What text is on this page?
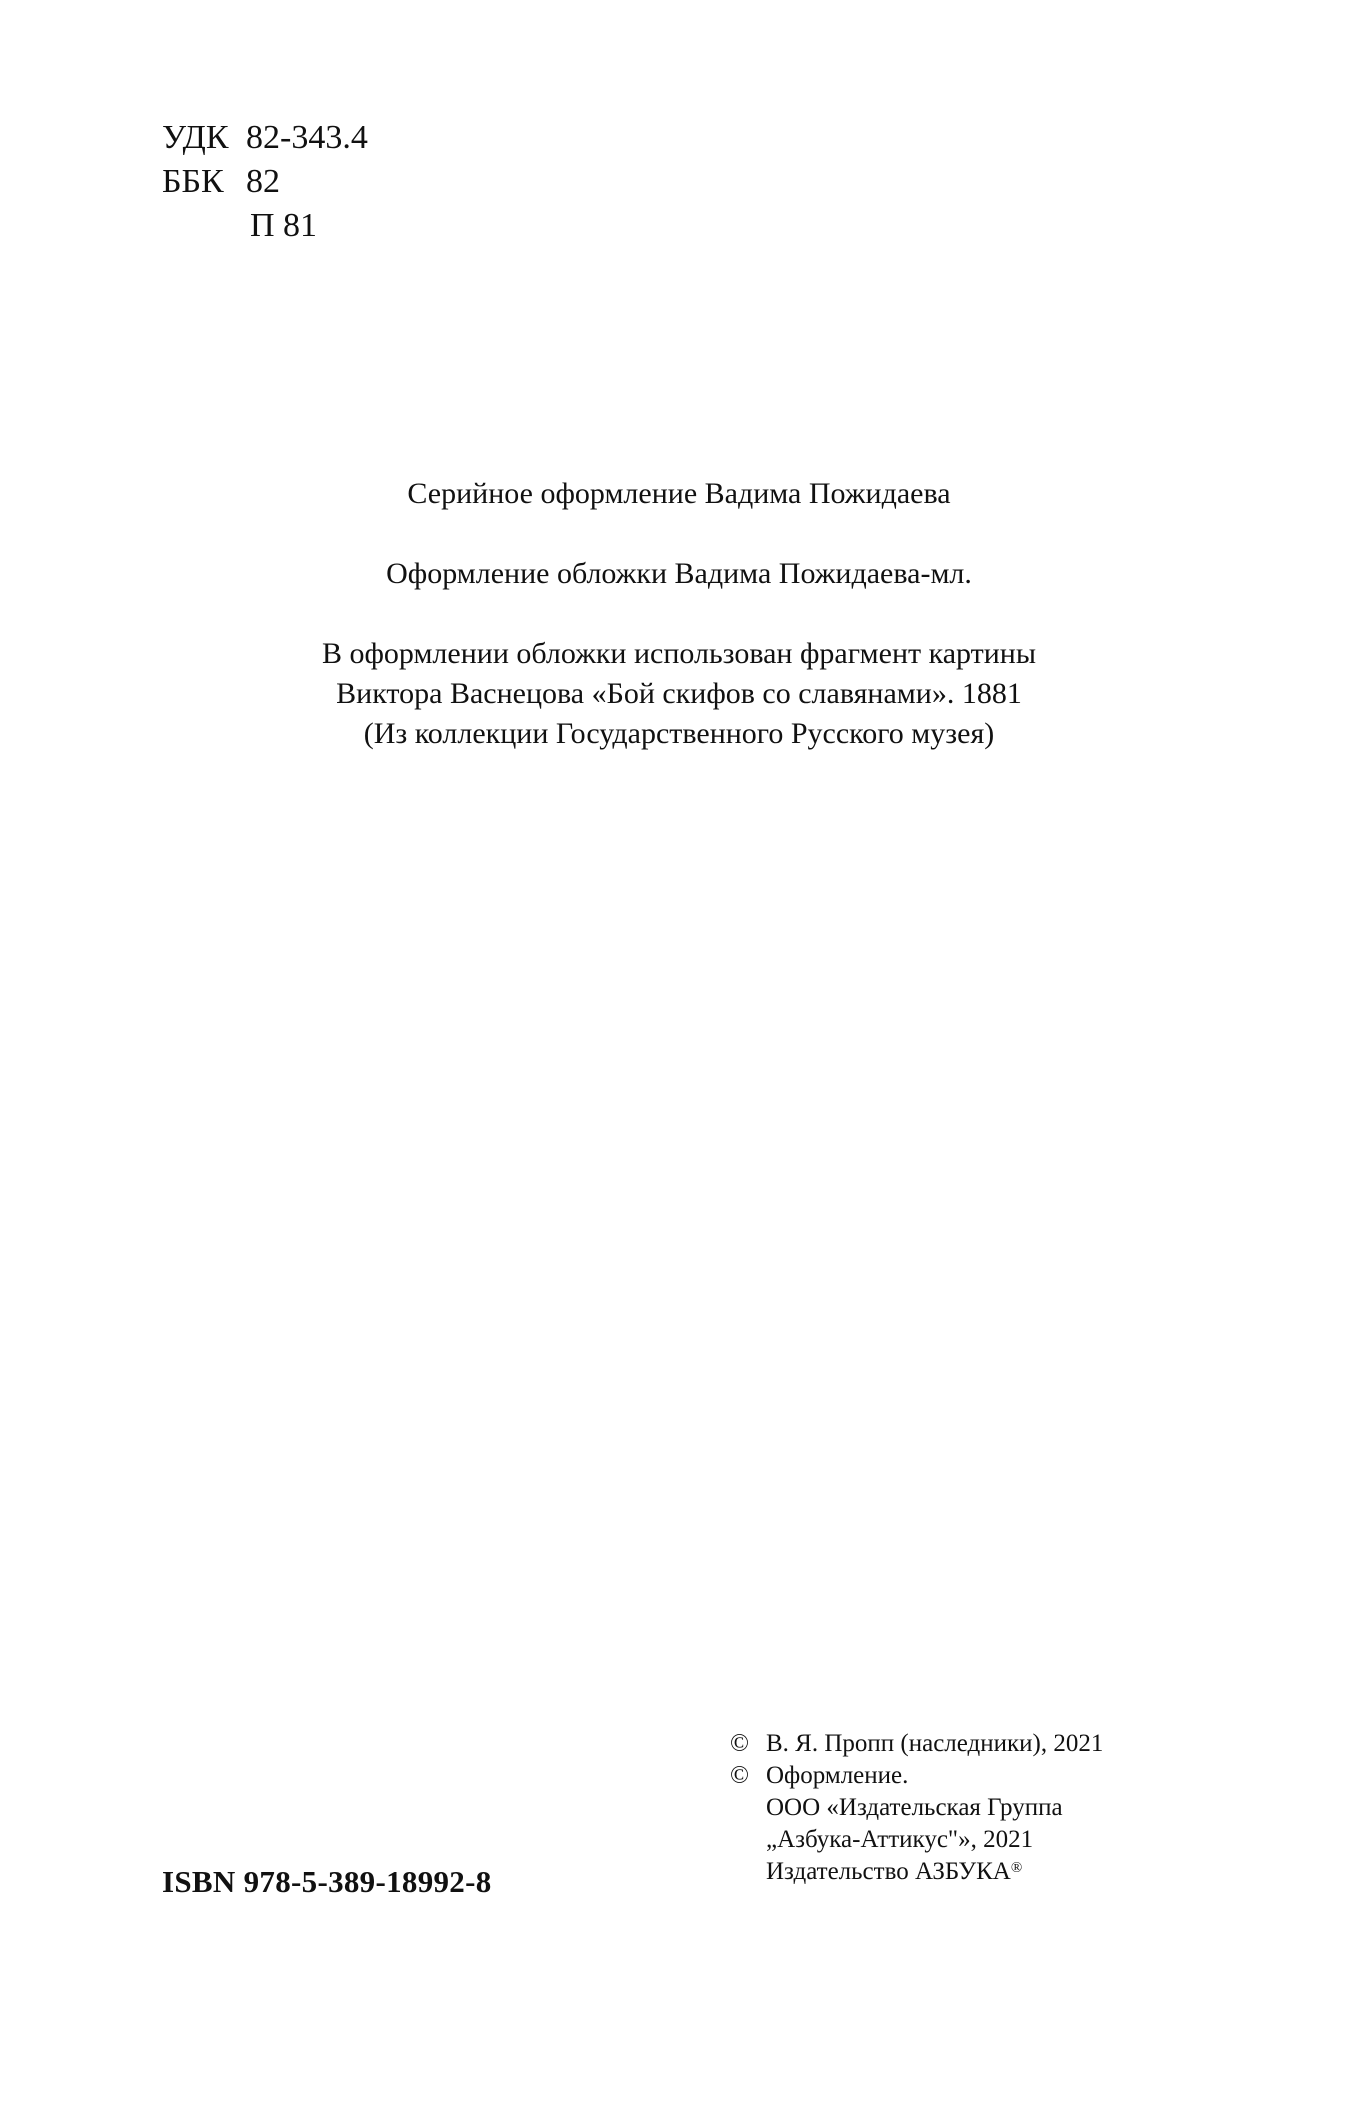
УДК 82-343.4
ББК 82
П 81

Серийное оформление Вадима Пожидаева

Оформление обложки Вадима Пожидаева-мл.

В оформлении обложки использован фрагмент картины
Виктора Васнецова «Бой скифов со славянами». 1881
(Из коллекции Государственного Русского музея)
ISBN 978-5-389-18992-8
© В. Я. Пропп (наследники), 2021
© Оформление.
ООО «Издательская Группа
„Азбука-Аттикус"», 2021
Издательство АЗБУКА®
